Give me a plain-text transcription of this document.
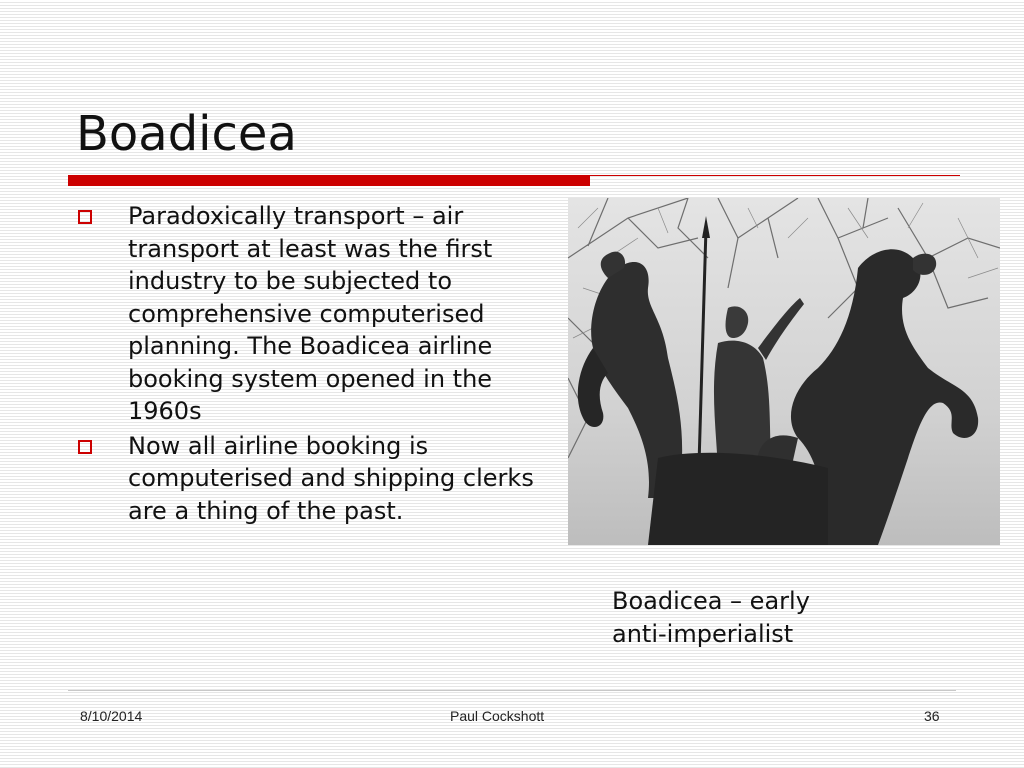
Boadicea
Paradoxically transport – air transport at least was the first industry to be subjected to comprehensive computerised planning. The Boadicea airline booking system opened in the 1960s
Now all airline booking is computerised and shipping clerks are a thing of the past.
Boadicea – early
anti-imperialist
8/10/2014	Paul Cockshott	36
